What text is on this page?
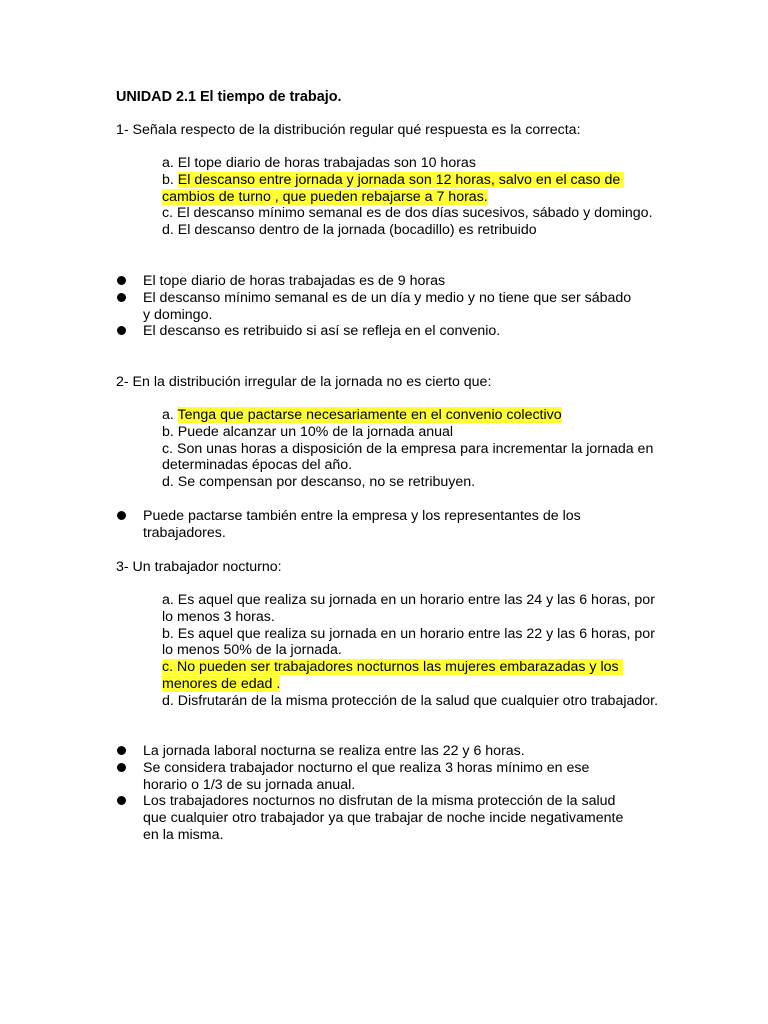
UNIDAD 2.1 El tiempo de trabajo.
1- Señala respecto de la distribución regular qué respuesta es la correcta:

a. El tope diario de horas trabajadas son 10 horas

b. El descanso entre jornada y jornada son 12 horas, salvo en el caso de cambios de turno , que pueden rebajarse a 7 horas.

c. El descanso mínimo semanal es de dos días sucesivos, sábado y domingo.

d. El descanso dentro de la jornada (bocadillo) es retribuido

El tope diario de horas trabajadas es de 9 horas
El descanso mínimo semanal es de un día y medio y no tiene que ser sábado y domingo.
El descanso es retribuido si así se refleja en el convenio.
2- En la distribución irregular de la jornada no es cierto que:

a. Tenga que pactarse necesariamente en el convenio colectivo

b. Puede alcanzar un 10% de la jornada anual

c. Son unas horas a disposición de la empresa para incrementar la jornada en determinadas épocas del año.

d. Se compensan por descanso, no se retribuyen.

Puede pactarse también entre la empresa y los representantes de los trabajadores.
3- Un trabajador nocturno:

a. Es aquel que realiza su jornada en un horario entre las 24 y las 6 horas, por lo menos 3 horas.

b. Es aquel que realiza su jornada en un horario entre las 22 y las 6 horas, por lo menos 50% de la jornada.

c. No pueden ser trabajadores nocturnos las mujeres embarazadas y los menores de edad .

d. Disfrutarán de la misma protección de la salud que cualquier otro trabajador.

La jornada laboral nocturna se realiza entre las 22 y 6 horas.
Se considera trabajador nocturno el que realiza 3 horas mínimo en ese horario o 1/3 de su jornada anual.
Los trabajadores nocturnos no disfrutan de la misma protección de la salud que cualquier otro trabajador ya que trabajar de noche incide negativamente en la misma.
